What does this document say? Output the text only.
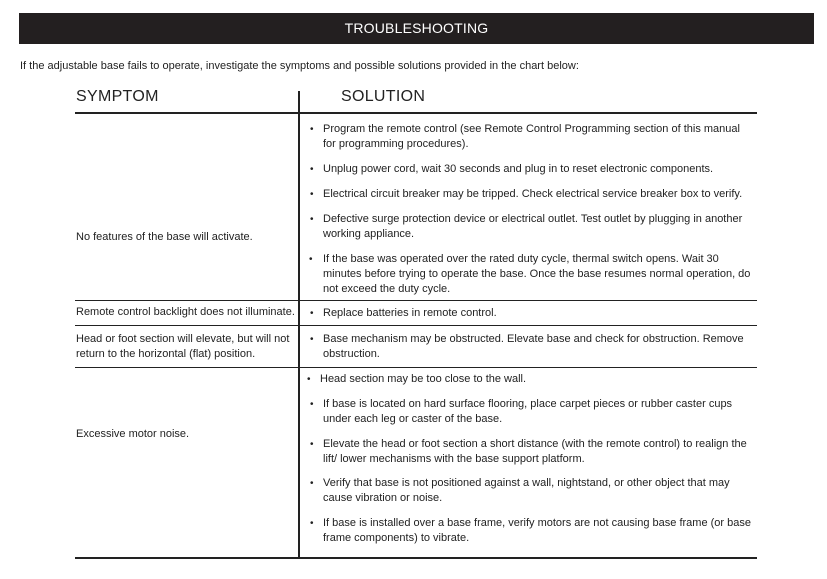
TROUBLESHOOTING
If the adjustable base fails to operate, investigate the symptoms and possible solutions provided in the chart below:
SYMPTOM	SOLUTION
No features of the base will activate.
• Program the remote control (see Remote Control Programming section of this manual for programming procedures).
• Unplug power cord, wait 30 seconds and plug in to reset electronic components.
• Electrical circuit breaker may be tripped. Check electrical service breaker box to verify.
• Defective surge protection device or electrical outlet. Test outlet by plugging in another working appliance.
• If the base was operated over the rated duty cycle, thermal switch opens. Wait 30 minutes before trying to operate the base. Once the base resumes normal operation, do not exceed the duty cycle.
Remote control backlight does not illuminate. • Replace batteries in remote control.
Head or foot section will elevate, but will not return to the horizontal (flat) position.
• Base mechanism may be obstructed. Elevate base and check for obstruction. Remove obstruction.
Excessive motor noise.
• Head section may be too close to the wall.
• If base is located on hard surface flooring, place carpet pieces or rubber caster cups under each leg or caster of the base.
• Elevate the head or foot section a short distance (with the remote control) to realign the lift/ lower mechanisms with the base support platform.
• Verify that base is not positioned against a wall, nightstand, or other object that may cause vibration or noise.
• If base is installed over a base frame, verify motors are not causing base frame (or base frame components) to vibrate.
